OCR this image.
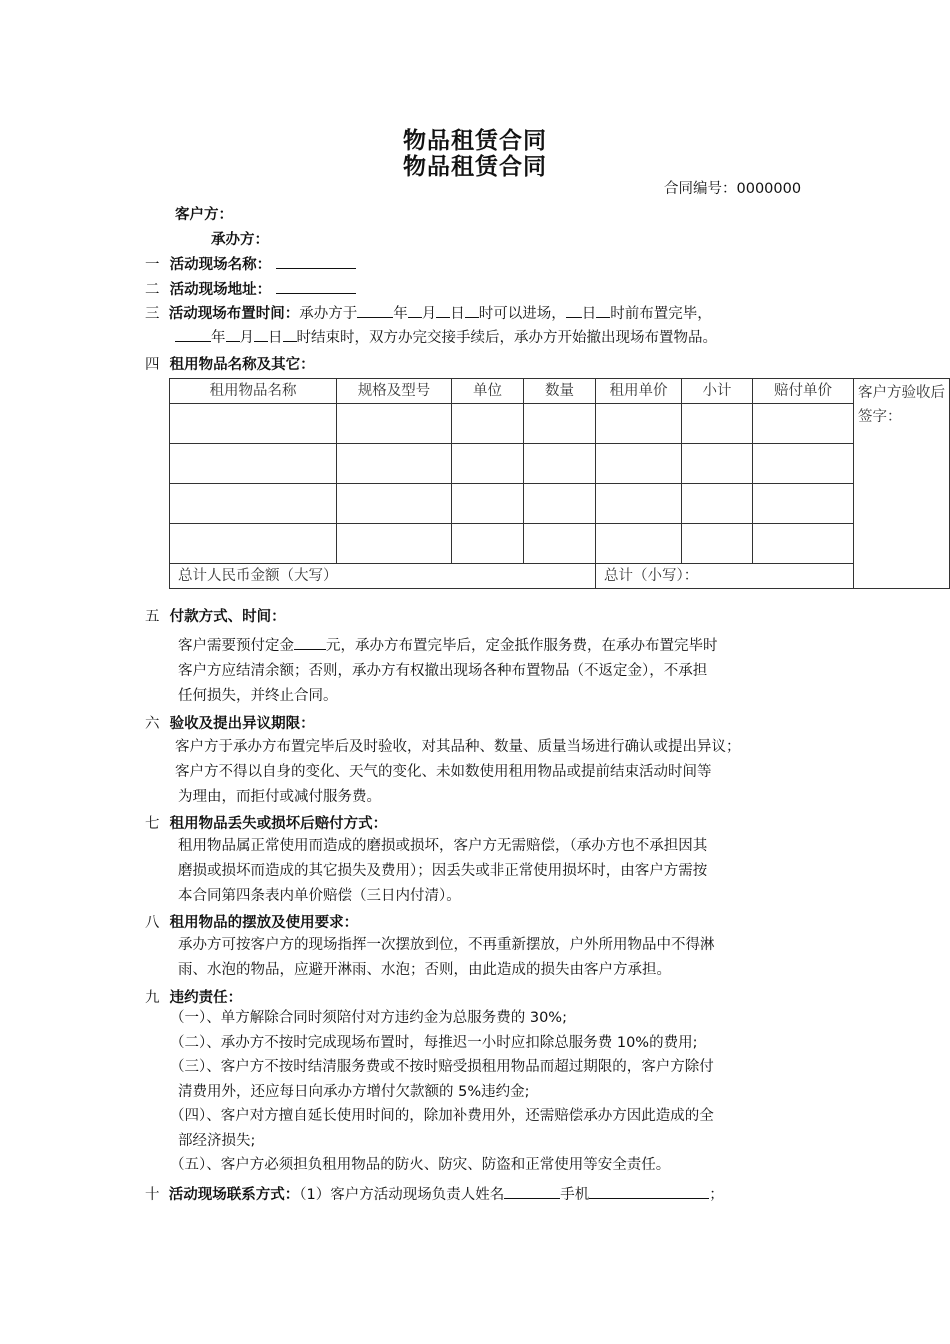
物品租赁合同
物品租赁合同
合同编号：0000000
客户方：
承办方：
一 活动现场名称：
二 活动现场地址：
三 活动现场布置时间：承办方于 年 月 日 时可以进场， 日 时前布置完毕，
年 月 日 时结束时，双方办完交接手续后，承办方开始撤出现场布置物品。
四 租用物品名称及其它：
租用物品名称	规格及型号	单位	数量	租用单价	小计	赔付单价	客户方验收后签字：

总计人民币金额（大写）				总计（小写）：			
五 付款方式、时间：
客户需要预付定金 元，承办方布置完毕后，定金抵作服务费，在承办布置完毕时
客户方应结清余额；否则，承办方有权撤出现场各种布置物品（不返定金），不承担
任何损失，并终止合同。
六 验收及提出异议期限：
客户方于承办方布置完毕后及时验收，对其品种、数量、质量当场进行确认或提出异议；
客户方不得以自身的变化、天气的变化、未如数使用租用物品或提前结束活动时间等
为理由，而拒付或减付服务费。
七 租用物品丢失或损坏后赔付方式：
租用物品属正常使用而造成的磨损或损坏，客户方无需赔偿，（承办方也不承担因其
磨损或损坏而造成的其它损失及费用）；因丢失或非正常使用损坏时，由客户方需按
本合同第四条表内单价赔偿（三日内付清）。
八 租用物品的摆放及使用要求：
承办方可按客户方的现场指挥一次摆放到位，不再重新摆放，户外所用物品中不得淋
雨、水泡的物品，应避开淋雨、水泡；否则，由此造成的损失由客户方承担。
九 违约责任：
（一）、单方解除合同时须陪付对方违约金为总服务费的 30%;
（二）、承办方不按时完成现场布置时，每推迟一小时应扣除总服务费 10%的费用;
（三）、客户方不按时结清服务费或不按时赔受损租用物品而超过期限的，客户方除付
清费用外，还应每日向承办方增付欠款额的 5%违约金;
（四）、客户对方擅自延长使用时间的，除加补费用外，还需赔偿承办方因此造成的全
部经济损失;
（五）、客户方必须担负租用物品的防火、防灾、防盗和正常使用等安全责任。
十 活动现场联系方式：（1）客户方活动现场负责人姓名	手机	；
